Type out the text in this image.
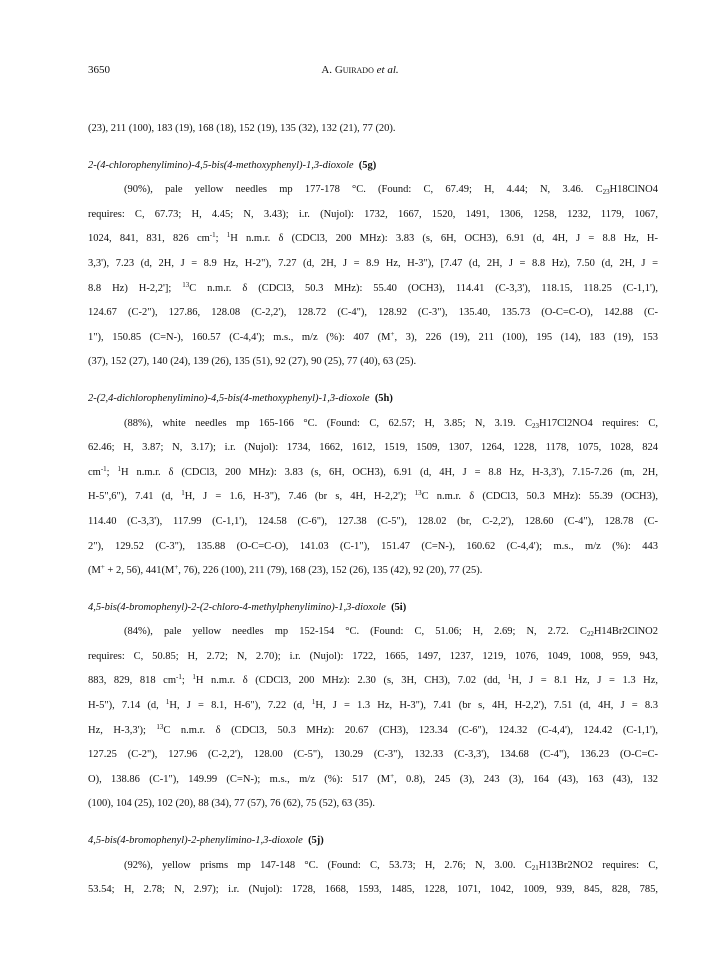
3650	A. Guirado et al.
(23), 211 (100), 183 (19), 168 (18), 152 (19), 135 (32), 132 (21), 77 (20).
2-(4-chlorophenylimino)-4,5-bis(4-methoxyphenyl)-1,3-dioxole (5g)
(90%), pale yellow needles mp 177-178 °C. (Found: C, 67.49; H, 4.44; N, 3.46. $C_{23}H18ClNO4$
requires: C, 67.73; H, 4.45; N, 3.43); i.r. (Nujol): 1732, 1667, 1520, 1491, 1306, 1258, 1232, 1179, 1067,
1024, 841, 831, 826 $cm^{-1}$; $^1$H n.m.r. δ (CDCl3, 200 MHz): 3.83 (s, 6H, OCH3), 6.91 (d, 4H, J = 8.8 Hz, H-
3,3'), 7.23 (d, 2H, J = 8.9 Hz, H-2"), 7.27 (d, 2H, J = 8.9 Hz, H-3"), [7.47 (d, 2H, J = 8.8 Hz), 7.50 (d, 2H, J =
8.8 Hz) H-2,2']; $^{13}$C n.m.r. δ (CDCl3, 50.3 MHz): 55.40 (OCH3), 114.41 (C-3,3'), 118.15, 118.25 (C-1,1'),
124.67 (C-2"), 127.86, 128.08 (C-2,2'), 128.72 (C-4"), 128.92 (C-3"), 135.40, 135.73 (O-C=C-O), 142.88 (C-
1"), 150.85 (C=N-), 160.57 (C-4,4'); m.s., m/z (%): 407 (M+, 3), 226 (19), 211 (100), 195 (14), 183 (19), 153
(37), 152 (27), 140 (24), 139 (26), 135 (51), 92 (27), 90 (25), 77 (40), 63 (25).
2-(2,4-dichlorophenylimino)-4,5-bis(4-methoxyphenyl)-1,3-dioxole (5h)
(88%), white needles mp 165-166 °C. (Found: C, 62.57; H, 3.85; N, 3.19. $C_{23}H17Cl2NO4$ requires: C,
62.46; H, 3.87; N, 3.17); i.r. (Nujol): 1734, 1662, 1612, 1519, 1509, 1307, 1264, 1228, 1178, 1075, 1028, 824
$cm^{-1}$; $^1$H n.m.r. δ (CDCl3, 200 MHz): 3.83 (s, 6H, OCH3), 6.91 (d, 4H, J = 8.8 Hz, H-3,3'), 7.15-7.26 (m, 2H,
H-5",6"), 7.41 (d, $^1$H, J = 1.6, H-3"), 7.46 (br s, 4H, H-2,2'); $^{13}$C n.m.r. δ (CDCl3, 50.3 MHz): 55.39 (OCH3),
114.40 (C-3,3'), 117.99 (C-1,1'), 124.58 (C-6"), 127.38 (C-5"), 128.02 (br, C-2,2'), 128.60 (C-4"), 128.78 (C-
2"), 129.52 (C-3"), 135.88 (O-C=C-O), 141.03 (C-1"), 151.47 (C=N-), 160.62 (C-4,4'); m.s., m/z (%): 443
(M+ + 2, 56), 441(M+, 76), 226 (100), 211 (79), 168 (23), 152 (26), 135 (42), 92 (20), 77 (25).
4,5-bis(4-bromophenyl)-2-(2-chloro-4-methylphenylimino)-1,3-dioxole (5i)
(84%), pale yellow needles mp 152-154 °C. (Found: C, 51.06; H, 2.69; N, 2.72. $C_{22}H14Br2ClNO2$
requires: C, 50.85; H, 2.72; N, 2.70); i.r. (Nujol): 1722, 1665, 1497, 1237, 1219, 1076, 1049, 1008, 959, 943,
883, 829, 818 $cm^{-1}$; $^1$H n.m.r. δ (CDCl3, 200 MHz): 2.30 (s, 3H, CH3), 7.02 (dd, $^1$H, J = 8.1 Hz, J = 1.3 Hz,
H-5"), 7.14 (d, $^1$H, J = 8.1, H-6"), 7.22 (d, $^1$H, J = 1.3 Hz, H-3"), 7.41 (br s, 4H, H-2,2'), 7.51 (d, 4H, J = 8.3
Hz, H-3,3'); $^{13}$C n.m.r. δ (CDCl3, 50.3 MHz): 20.67 (CH3), 123.34 (C-6"), 124.32 (C-4,4'), 124.42 (C-1,1'),
127.25 (C-2"), 127.96 (C-2,2'), 128.00 (C-5"), 130.29 (C-3"), 132.33 (C-3,3'), 134.68 (C-4"), 136.23 (O-C=C-
O), 138.86 (C-1"), 149.99 (C=N-); m.s., m/z (%): 517 (M+, 0.8), 245 (3), 243 (3), 164 (43), 163 (43), 132
(100), 104 (25), 102 (20), 88 (34), 77 (57), 76 (62), 75 (52), 63 (35).
4,5-bis(4-bromophenyl)-2-phenylimino-1,3-dioxole (5j)
(92%), yellow prisms mp 147-148 °C. (Found: C, 53.73; H, 2.76; N, 3.00. $C_{21}H13Br2NO2$ requires: C,
53.54; H, 2.78; N, 2.97); i.r. (Nujol): 1728, 1668, 1593, 1485, 1228, 1071, 1042, 1009, 939, 845, 828, 785,
